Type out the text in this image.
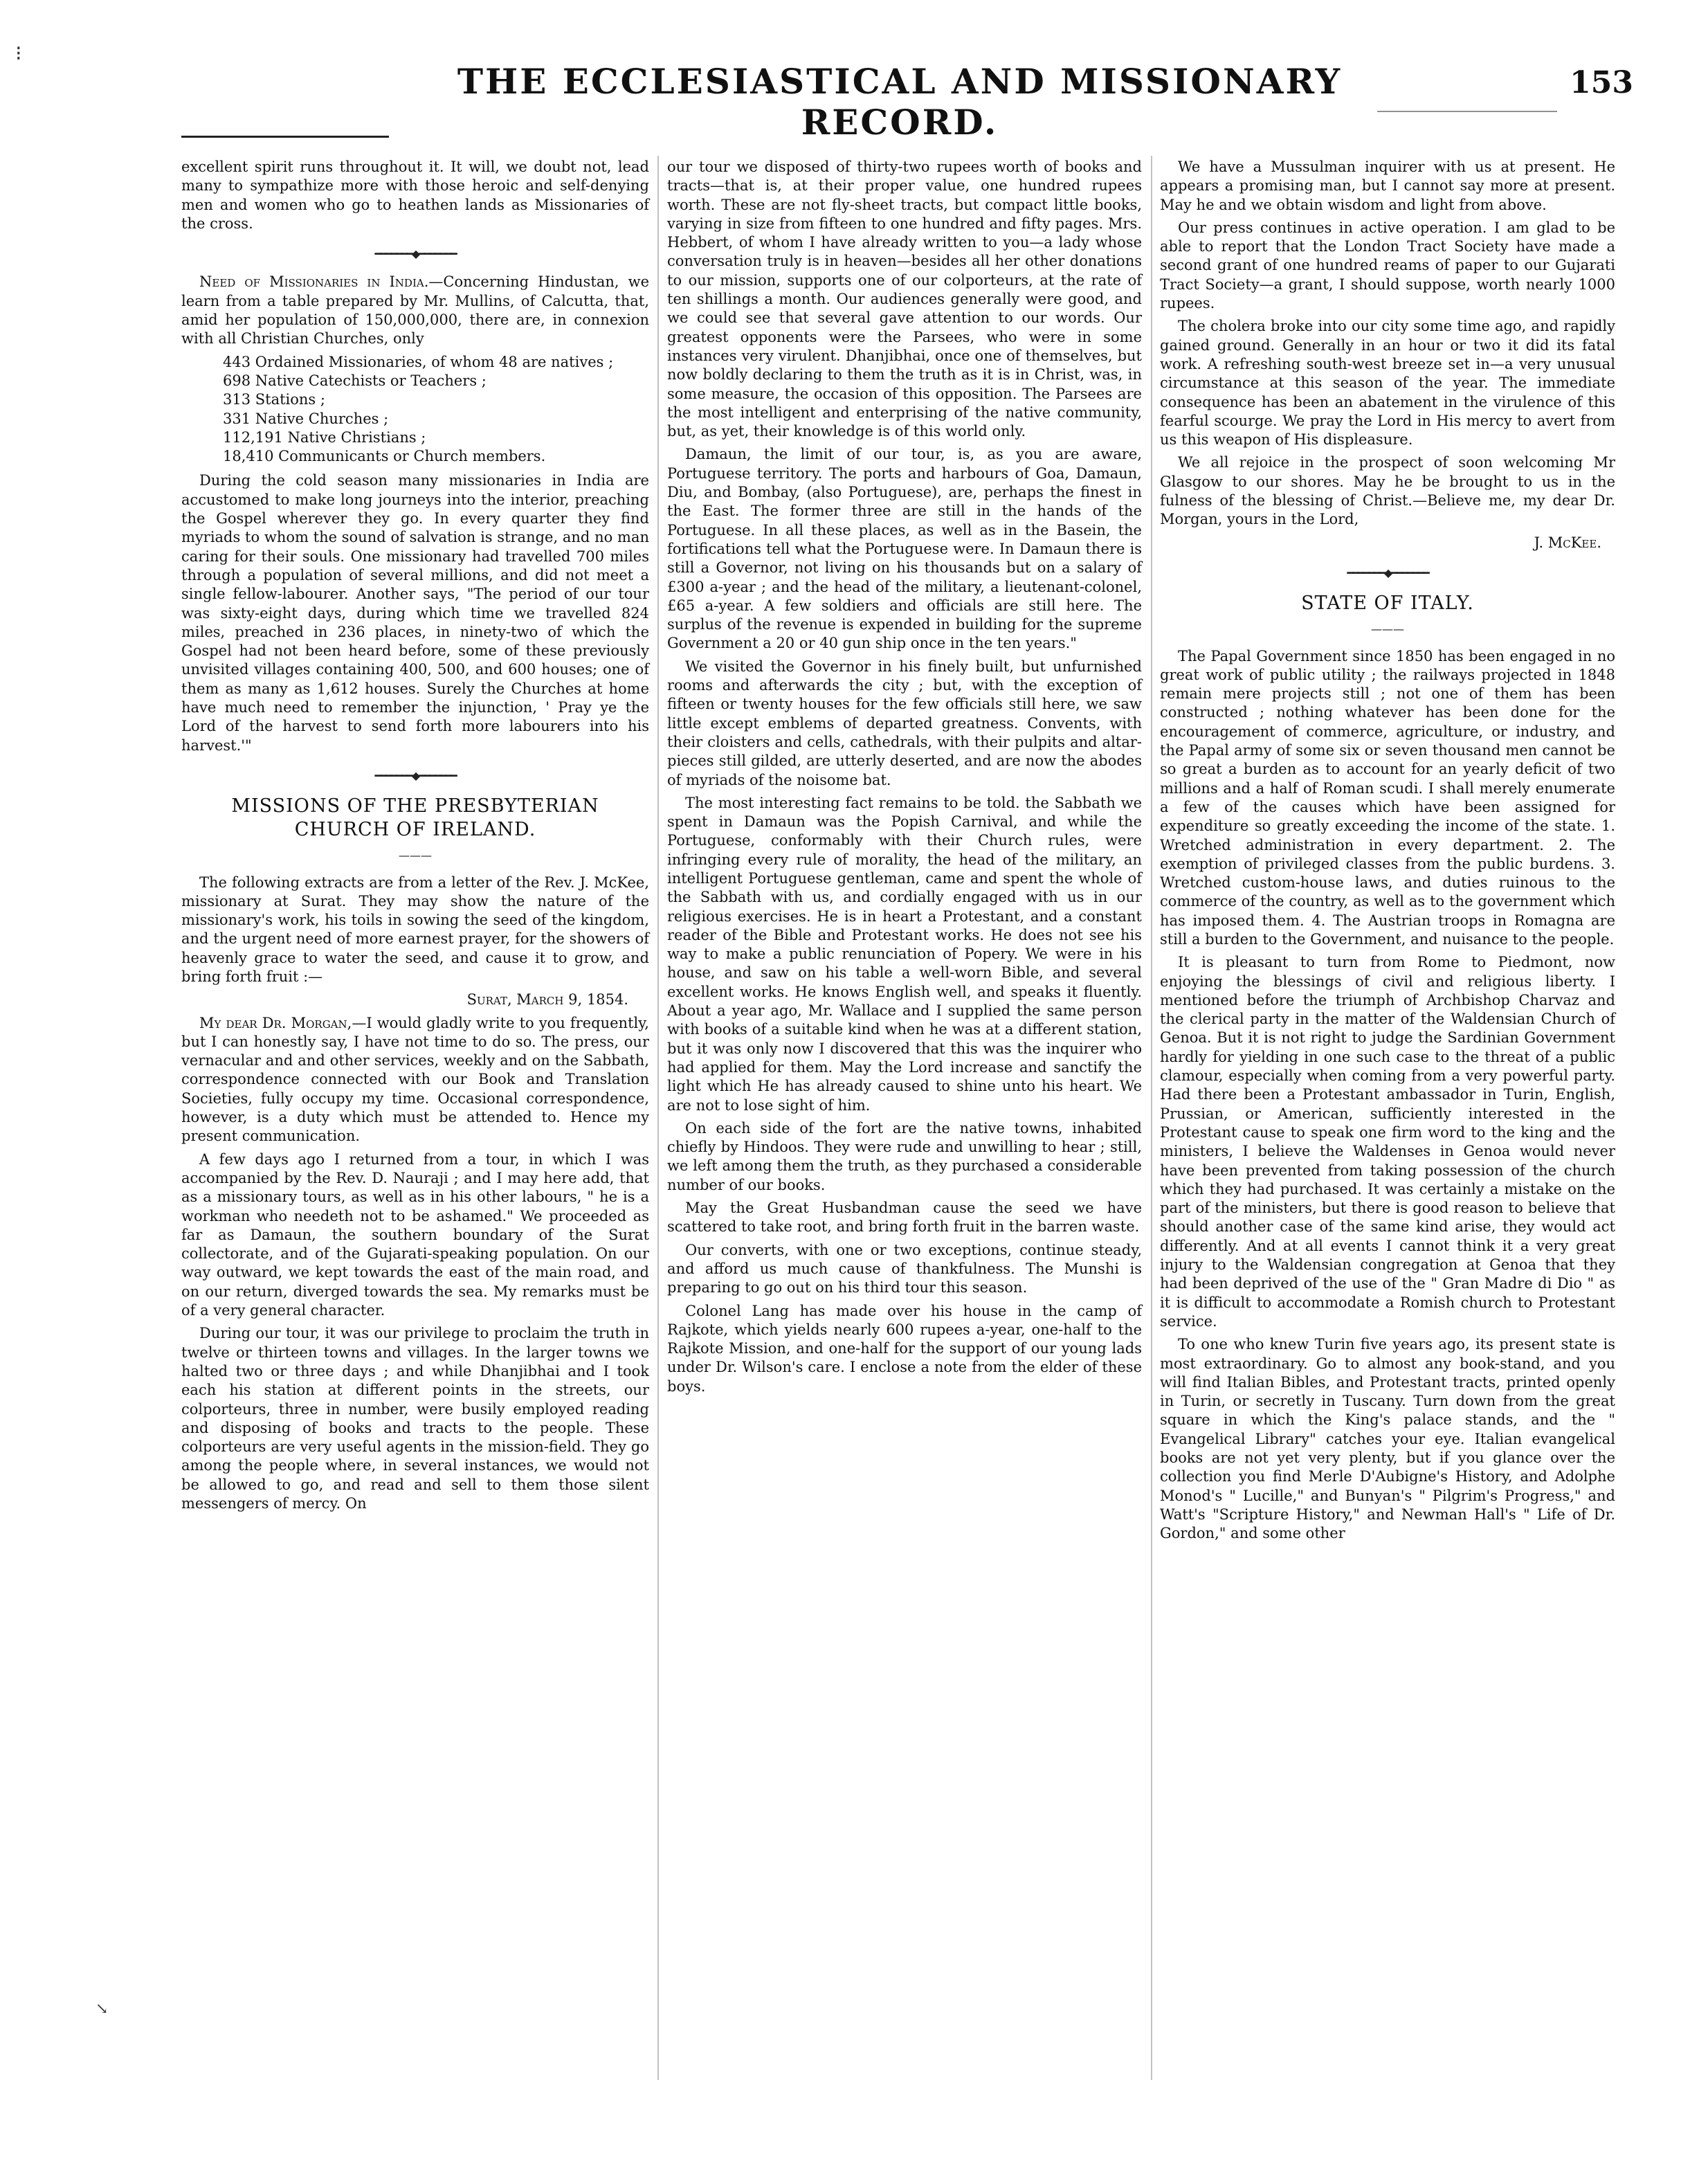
THE ECCLESIASTICAL AND MISSIONARY RECORD.
153
⁝
↘

excellent spirit runs throughout it. It will, we doubt not, lead many to sympathize more with those heroic and self-denying men and women who go to heathen lands as Missionaries of the cross.

━━━━━━━◆━━━━━━━

Need of Missionaries in India.—Concerning Hindustan, we learn from a table prepared by Mr. Mullins, of Calcutta, that, amid her population of 150,000,000, there are, in connexion with all Christian Churches, only

443 Ordained Missionaries, of whom 48 are natives ;
698 Native Catechists or Teachers ;
313 Stations ;
331 Native Churches ;
112,191 Native Christians ;
18,410 Communicants or Church members.

During the cold season many missionaries in India are accustomed to make long journeys into the interior, preaching the Gospel wherever they go. In every quarter they find myriads to whom the sound of salvation is strange, and no man caring for their souls. One missionary had travelled 700 miles through a population of several millions, and did not meet a single fellow-labourer. Another says, "The period of our tour was sixty-eight days, during which time we travelled 824 miles, preached in 236 places, in ninety-two of which the Gospel had not been heard before, some of these previously unvisited villages containing 400, 500, and 600 houses; one of them as many as 1,612 houses. Surely the Churches at home have much need to remember the injunction, ' Pray ye the Lord of the harvest to send forth more labourers into his harvest.'"

━━━━━━━◆━━━━━━━
MISSIONS OF THE PRESBYTERIAN
CHURCH OF IRELAND.
———

The following extracts are from a letter of the Rev. J. McKee, missionary at Surat. They may show the nature of the missionary's work, his toils in sowing the seed of the kingdom, and the urgent need of more earnest prayer, for the showers of heavenly grace to water the seed, and cause it to grow, and bring forth fruit :—

Surat, March 9, 1854.

My dear Dr. Morgan,—I would gladly write to you frequently, but I can honestly say, I have not time to do so. The press, our vernacular and and other services, weekly and on the Sabbath, correspondence connected with our Book and Translation Societies, fully occupy my time. Occasional correspondence, however, is a duty which must be attended to. Hence my present communication.

A few days ago I returned from a tour, in which I was accompanied by the Rev. D. Nauraji ; and I may here add, that as a missionary tours, as well as in his other labours, " he is a workman who needeth not to be ashamed." We proceeded as far as Damaun, the southern boundary of the Surat collectorate, and of the Gujarati-speaking population. On our way outward, we kept towards the east of the main road, and on our return, diverged towards the sea. My remarks must be of a very general character.

During our tour, it was our privilege to proclaim the truth in twelve or thirteen towns and villages. In the larger towns we halted two or three days ; and while Dhanjibhai and I took each his station at different points in the streets, our colporteurs, three in number, were busily employed reading and disposing of books and tracts to the people. These colporteurs are very useful agents in the mission-field. They go among the people where, in several instances, we would not be allowed to go, and read and sell to them those silent messengers of mercy. On

our tour we disposed of thirty-two rupees worth of books and tracts—that is, at their proper value, one hundred rupees worth. These are not fly-sheet tracts, but compact little books, varying in size from fifteen to one hundred and fifty pages. Mrs. Hebbert, of whom I have already written to you—a lady whose conversation truly is in heaven—besides all her other donations to our mission, supports one of our colporteurs, at the rate of ten shillings a month. Our audiences generally were good, and we could see that several gave attention to our words. Our greatest opponents were the Parsees, who were in some instances very virulent. Dhanjibhai, once one of themselves, but now boldly declaring to them the truth as it is in Christ, was, in some measure, the occasion of this opposition. The Parsees are the most intelligent and enterprising of the native community, but, as yet, their knowledge is of this world only.

Damaun, the limit of our tour, is, as you are aware, Portuguese territory. The ports and harbours of Goa, Damaun, Diu, and Bombay, (also Portuguese), are, perhaps the finest in the East. The former three are still in the hands of the Portuguese. In all these places, as well as in the Basein, the fortifications tell what the Portuguese were. In Damaun there is still a Governor, not living on his thousands but on a salary of £300 a-year ; and the head of the military, a lieutenant-colonel, £65 a-year. A few soldiers and officials are still here. The surplus of the revenue is expended in building for the supreme Government a 20 or 40 gun ship once in the ten years."

We visited the Governor in his finely built, but unfurnished rooms and afterwards the city ; but, with the exception of fifteen or twenty houses for the few officials still here, we saw little except emblems of departed greatness. Convents, with their cloisters and cells, cathedrals, with their pulpits and altar-pieces still gilded, are utterly deserted, and are now the abodes of myriads of the noisome bat.

The most interesting fact remains to be told. the Sabbath we spent in Damaun was the Popish Carnival, and while the Portuguese, conformably with their Church rules, were infringing every rule of morality, the head of the military, an intelligent Portuguese gentleman, came and spent the whole of the Sabbath with us, and cordially engaged with us in our religious exercises. He is in heart a Protestant, and a constant reader of the Bible and Protestant works. He does not see his way to make a public renunciation of Popery. We were in his house, and saw on his table a well-worn Bible, and several excellent works. He knows English well, and speaks it fluently. About a year ago, Mr. Wallace and I supplied the same person with books of a suitable kind when he was at a different station, but it was only now I discovered that this was the inquirer who had applied for them. May the Lord increase and sanctify the light which He has already caused to shine unto his heart. We are not to lose sight of him.

On each side of the fort are the native towns, inhabited chiefly by Hindoos. They were rude and unwilling to hear ; still, we left among them the truth, as they purchased a considerable number of our books.

May the Great Husbandman cause the seed we have scattered to take root, and bring forth fruit in the barren waste.

Our converts, with one or two exceptions, continue steady, and afford us much cause of thankfulness. The Munshi is preparing to go out on his third tour this season.

Colonel Lang has made over his house in the camp of Rajkote, which yields nearly 600 rupees a-year, one-half to the Rajkote Mission, and one-half for the support of our young lads under Dr. Wilson's care. I enclose a note from the elder of these boys.

We have a Mussulman inquirer with us at present. He appears a promising man, but I cannot say more at present. May he and we obtain wisdom and light from above.

Our press continues in active operation. I am glad to be able to report that the London Tract Society have made a second grant of one hundred reams of paper to our Gujarati Tract Society—a grant, I should suppose, worth nearly 1000 rupees.

The cholera broke into our city some time ago, and rapidly gained ground. Generally in an hour or two it did its fatal work. A refreshing south-west breeze set in—a very unusual circumstance at this season of the year. The immediate consequence has been an abatement in the virulence of this fearful scourge. We pray the Lord in His mercy to avert from us this weapon of His displeasure.

We all rejoice in the prospect of soon welcoming Mr Glasgow to our shores. May he be brought to us in the fulness of the blessing of Christ.—Believe me, my dear Dr. Morgan, yours in the Lord,

J. McKee.
━━━━━━━◆━━━━━━━
STATE OF ITALY.
———

The Papal Government since 1850 has been engaged in no great work of public utility ; the railways projected in 1848 remain mere projects still ; not one of them has been constructed ; nothing whatever has been done for the encouragement of commerce, agriculture, or industry, and the Papal army of some six or seven thousand men cannot be so great a burden as to account for an yearly deficit of two millions and a half of Roman scudi. I shall merely enumerate a few of the causes which have been assigned for expenditure so greatly exceeding the income of the state. 1. Wretched administration in every department. 2. The exemption of privileged classes from the public burdens. 3. Wretched custom-house laws, and duties ruinous to the commerce of the country, as well as to the government which has imposed them. 4. The Austrian troops in Romagna are still a burden to the Government, and nuisance to the people.

It is pleasant to turn from Rome to Piedmont, now enjoying the blessings of civil and religious liberty. I mentioned before the triumph of Archbishop Charvaz and the clerical party in the matter of the Waldensian Church of Genoa. But it is not right to judge the Sardinian Government hardly for yielding in one such case to the threat of a public clamour, especially when coming from a very powerful party. Had there been a Protestant ambassador in Turin, English, Prussian, or American, sufficiently interested in the Protestant cause to speak one firm word to the king and the ministers, I believe the Waldenses in Genoa would never have been prevented from taking possession of the church which they had purchased. It was certainly a mistake on the part of the ministers, but there is good reason to believe that should another case of the same kind arise, they would act differently. And at all events I cannot think it a very great injury to the Waldensian congregation at Genoa that they had been deprived of the use of the " Gran Madre di Dio " as it is difficult to accommodate a Romish church to Protestant service.

To one who knew Turin five years ago, its present state is most extraordinary. Go to almost any book-stand, and you will find Italian Bibles, and Protestant tracts, printed openly in Turin, or secretly in Tuscany. Turn down from the great square in which the King's palace stands, and the " Evangelical Library" catches your eye. Italian evangelical books are not yet very plenty, but if you glance over the collection you find Merle D'Aubigne's History, and Adolphe Monod's " Lucille," and Bunyan's " Pilgrim's Progress," and Watt's "Scripture History," and Newman Hall's " Life of Dr. Gordon," and some other
